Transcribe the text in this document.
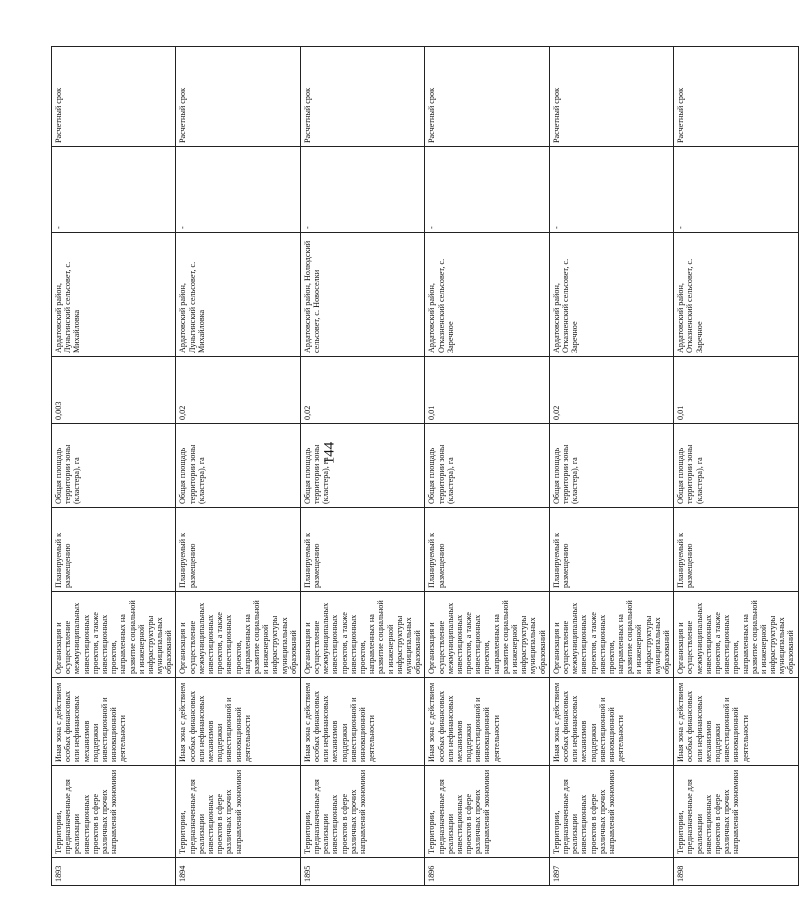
144
1893	Территории, предназначенные для реализации инвестиционных проектов в сфере различных прочих направлений экономики	Иная зона с действием особых финансовых или нефинансовых механизмов поддержки инвестиционной и инновационной деятельности	Организация и осуществление межмуниципальных инвестиционных проектов, а также инвестиционных проектов, направленных на развитие социальной и инженерной инфраструктуры муниципальных образований	Планируемый к размещению	Общая площадь территории зоны (кластера), га	0,003	Ардатовский район, Луньгинский сельсовет, с. Михайловка	-	Расчетный срок
1894	Территории, предназначенные для реализации инвестиционных проектов в сфере различных прочих направлений экономики	Иная зона с действием особых финансовых или нефинансовых механизмов поддержки инвестиционной и инновационной деятельности	Организация и осуществление межмуниципальных инвестиционных проектов, а также инвестиционных проектов, направленных на развитие социальной и инженерной инфраструктуры муниципальных образований	Планируемый к размещению	Общая площадь территории зоны (кластера), га	0,02	Ардатовский район, Луньгинский сельсовет, с. Михайловка	-	Расчетный срок
1895	Территории, предназначенные для реализации инвестиционных проектов в сфере различных прочих направлений экономики	Иная зона с действием особых финансовых или нефинансовых механизмов поддержки инвестиционной и инновационной деятельности	Организация и осуществление межмуниципальных инвестиционных проектов, а также инвестиционных проектов, направленных на развитие социальной и инженерной инфраструктуры муниципальных образований	Планируемый к размещению	Общая площадь территории зоны (кластера), га	0,02	Ардатовский район, Нолюдский сельсовет, с. Новоселки	-	Расчетный срок
1896	Территории, предназначенные для реализации инвестиционных проектов в сфере различных прочих направлений экономики	Иная зона с действием особых финансовых или нефинансовых механизмов поддержки инвестиционной и инновационной деятельности	Организация и осуществление межмуниципальных инвестиционных проектов, а также инвестиционных проектов, направленных на развитие социальной и инженерной инфраструктуры муниципальных образований	Планируемый к размещению	Общая площадь территории зоны (кластера), га	0,01	Ардатовский район, Отказненский сельсовет, с. Заречное	-	Расчетный срок
1897	Территории, предназначенные для реализации инвестиционных проектов в сфере различных прочих направлений экономики	Иная зона с действием особых финансовых или нефинансовых механизмов поддержки инвестиционной и инновационной деятельности	Организация и осуществление межмуниципальных инвестиционных проектов, а также инвестиционных проектов, направленных на развитие социальной и инженерной инфраструктуры муниципальных образований	Планируемый к размещению	Общая площадь территории зоны (кластера), га	0,02	Ардатовский район, Отказненский сельсовет, с. Заречное	-	Расчетный срок
1898	Территории, предназначенные для реализации инвестиционных проектов в сфере различных прочих направлений экономики	Иная зона с действием особых финансовых или нефинансовых механизмов поддержки инвестиционной и инновационной деятельности	Организация и осуществление межмуниципальных инвестиционных проектов, а также инвестиционных проектов, направленных на развитие социальной и инженерной инфраструктуры муниципальных образований	Планируемый к размещению	Общая площадь территории зоны (кластера), га	0,01	Ардатовский район, Отказненский сельсовет, с. Заречное	-	Расчетный срок
